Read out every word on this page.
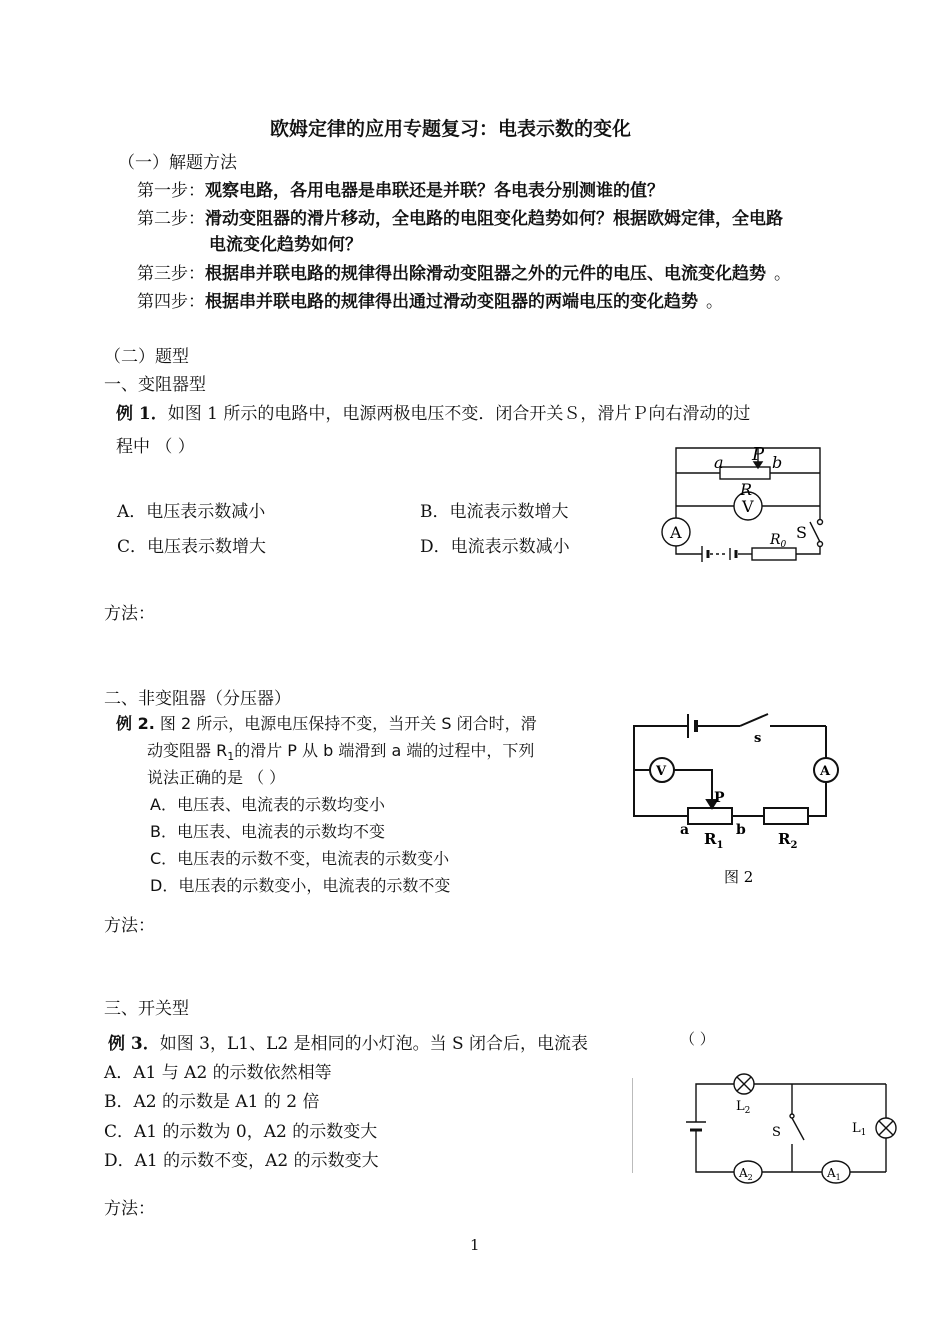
欧姆定律的应用专题复习：电表示数的变化
（一）解题方法
第一步：观察电路，各用电器是串联还是并联？各电表分别测谁的值？
第二步：滑动变阻器的滑片移动，全电路的电阻变化趋势如何？根据欧姆定律，全电路
电流变化趋势如何？
第三步：根据串并联电路的规律得出除滑动变阻器之外的元件的电压、电流变化趋势 。
第四步：根据串并联电路的规律得出通过滑动变阻器的两端电压的变化趋势 。
（二）题型
一、变阻器型
例 1．如图 1 所示的电路中，电源两极电压不变．闭合开关Ｓ，滑片Ｐ向右滑动的过
程中 （ ）
A．电压表示数减小	B．电流表示数增大
C．电压表示数增大	D．电流表示数减小
方法：
a P b
R
V
A	S
$R_0$
二、非变阻器（分压器）
例 2. 图 2 所示，电源电压保持不变，当开关 S 闭合时，滑
动变阻器 $R_1$的滑片 P 从 b 端滑到 a 端的过程中，下列
说法正确的是 （ ）
A．电压表、电流表的示数均变小
B．电压表、电流表的示数均不变
C．电压表的示数不变，电流表的示数变小
D．电压表的示数变小，电流表的示数不变
方法：
s
V	A
P
a	b
$R_1$	$R_2$
图 2
三、开关型
例 3．如图 3，L1、L2 是相同的小灯泡。当 S 闭合后，电流表	（ ）
A．A1 与 A2 的示数依然相等
B．A2 的示数是 A1 的 2 倍
C．A1 的示数为 0，A2 的示数变大
D．A1 的示数不变，A2 的示数变大
方法：
$L_2$
$L_1$
S
$A_2$	$A_1$
1
